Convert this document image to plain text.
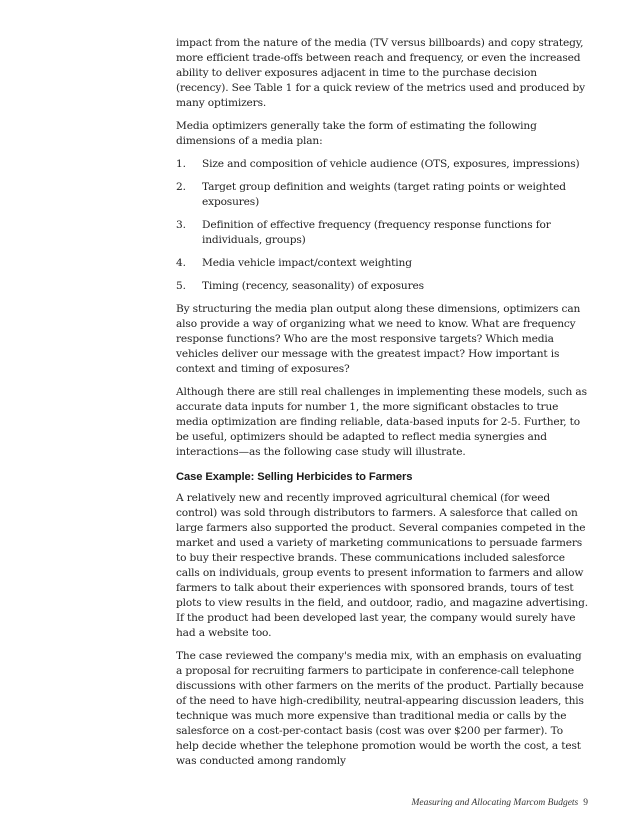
impact from the nature of the media (TV versus billboards) and copy strategy, more efficient trade-offs between reach and frequency, or even the increased ability to deliver exposures adjacent in time to the purchase decision (recency). See Table 1 for a quick review of the metrics used and produced by many optimizers.

Media optimizers generally take the form of estimating the following dimensions of a media plan:

1. Size and composition of vehicle audience (OTS, exposures, impressions)
2. Target group definition and weights (target rating points or weighted exposures)
3. Definition of effective frequency (frequency response functions for individuals, groups)
4. Media vehicle impact/context weighting
5. Timing (recency, seasonality) of exposures

By structuring the media plan output along these dimensions, optimizers can also provide a way of organizing what we need to know. What are frequency response functions? Who are the most responsive targets? Which media vehicles deliver our message with the greatest impact? How important is context and timing of exposures?

Although there are still real challenges in implementing these models, such as accurate data inputs for number 1, the more significant obstacles to true media optimization are finding reliable, data-based inputs for 2-5. Further, to be useful, optimizers should be adapted to reflect media synergies and interactions—as the following case study will illustrate.

Case Example: Selling Herbicides to Farmers

A relatively new and recently improved agricultural chemical (for weed control) was sold through distributors to farmers. A salesforce that called on large farmers also supported the product. Several companies competed in the market and used a variety of marketing communications to persuade farmers to buy their respective brands. These communications included salesforce calls on individuals, group events to present information to farmers and allow farmers to talk about their experiences with sponsored brands, tours of test plots to view results in the field, and outdoor, radio, and magazine advertising. If the product had been developed last year, the company would surely have had a website too.

The case reviewed the company's media mix, with an emphasis on evaluating a proposal for recruiting farmers to participate in conference-call telephone discussions with other farmers on the merits of the product. Partially because of the need to have high-credibility, neutral-appearing discussion leaders, this technique was much more expensive than traditional media or calls by the salesforce on a cost-per-contact basis (cost was over $200 per farmer). To help decide whether the telephone promotion would be worth the cost, a test was conducted among randomly

Measuring and Allocating Marcom Budgets 9
